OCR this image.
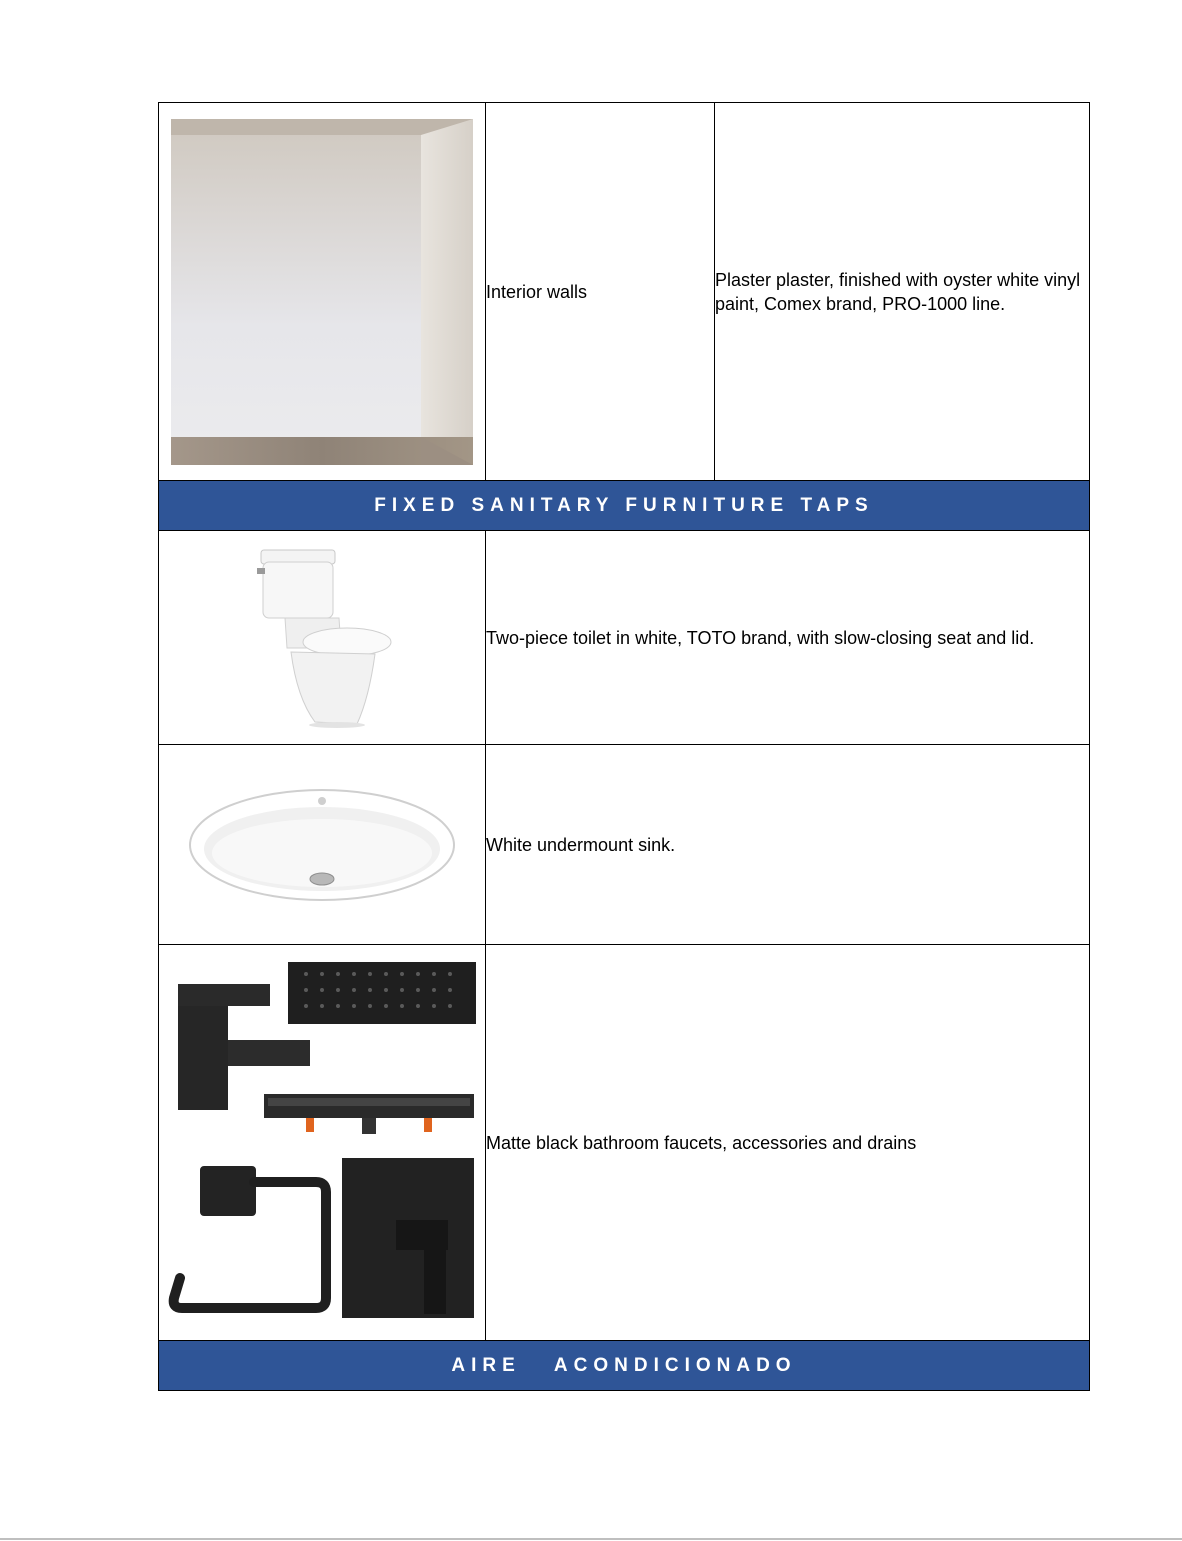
	Interior walls	Plaster plaster, finished with oyster white vinyl paint, Comex brand, PRO-1000 line.
FIXED SANITARY FURNITURE TAPS		

	Two-piece toilet in white, TOTO brand, with slow-closing seat and lid.	

	White undermount sink.	

	Matte black bathroom faucets, accessories and drains	
AIRE   ACONDICIONADO		
